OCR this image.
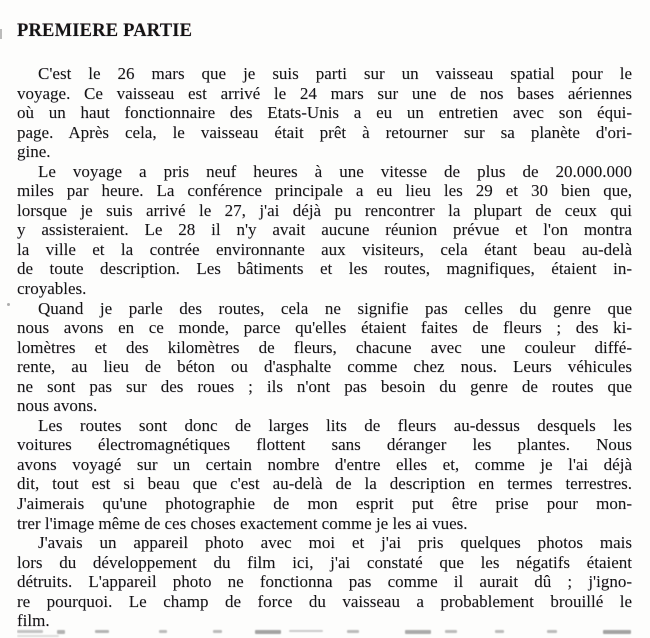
PREMIERE PARTIE
C'est le 26 mars que je suis parti sur un vaisseau spatial pour le
voyage. Ce vaisseau est arrivé le 24 mars sur une de nos bases aériennes
où un haut fonctionnaire des Etats-Unis a eu un entretien avec son équi-
page. Après cela, le vaisseau était prêt à retourner sur sa planète d'ori-
gine.
Le voyage a pris neuf heures à une vitesse de plus de 20.000.000
miles par heure. La conférence principale a eu lieu les 29 et 30 bien que,
lorsque je suis arrivé le 27, j'ai déjà pu rencontrer la plupart de ceux qui
y assisteraient. Le 28 il n'y avait aucune réunion prévue et l'on montra
la ville et la contrée environnante aux visiteurs, cela étant beau au-delà
de toute description. Les bâtiments et les routes, magnifiques, étaient in-
croyables.
Quand je parle des routes, cela ne signifie pas celles du genre que
nous avons en ce monde, parce qu'elles étaient faites de fleurs ; des ki-
lomètres et des kilomètres de fleurs, chacune avec une couleur diffé-
rente, au lieu de béton ou d'asphalte comme chez nous. Leurs véhicules
ne sont pas sur des roues ; ils n'ont pas besoin du genre de routes que
nous avons.
Les routes sont donc de larges lits de fleurs au-dessus desquels les
voitures électromagnétiques flottent sans déranger les plantes. Nous
avons voyagé sur un certain nombre d'entre elles et, comme je l'ai déjà
dit, tout est si beau que c'est au-delà de la description en termes terrestres.
J'aimerais qu'une photographie de mon esprit put être prise pour mon-
trer l'image même de ces choses exactement comme je les ai vues.
J'avais un appareil photo avec moi et j'ai pris quelques photos mais
lors du développement du film ici, j'ai constaté que les négatifs étaient
détruits. L'appareil photo ne fonctionna pas comme il aurait dû ; j'igno-
re pourquoi. Le champ de force du vaisseau a probablement brouillé le
film.
